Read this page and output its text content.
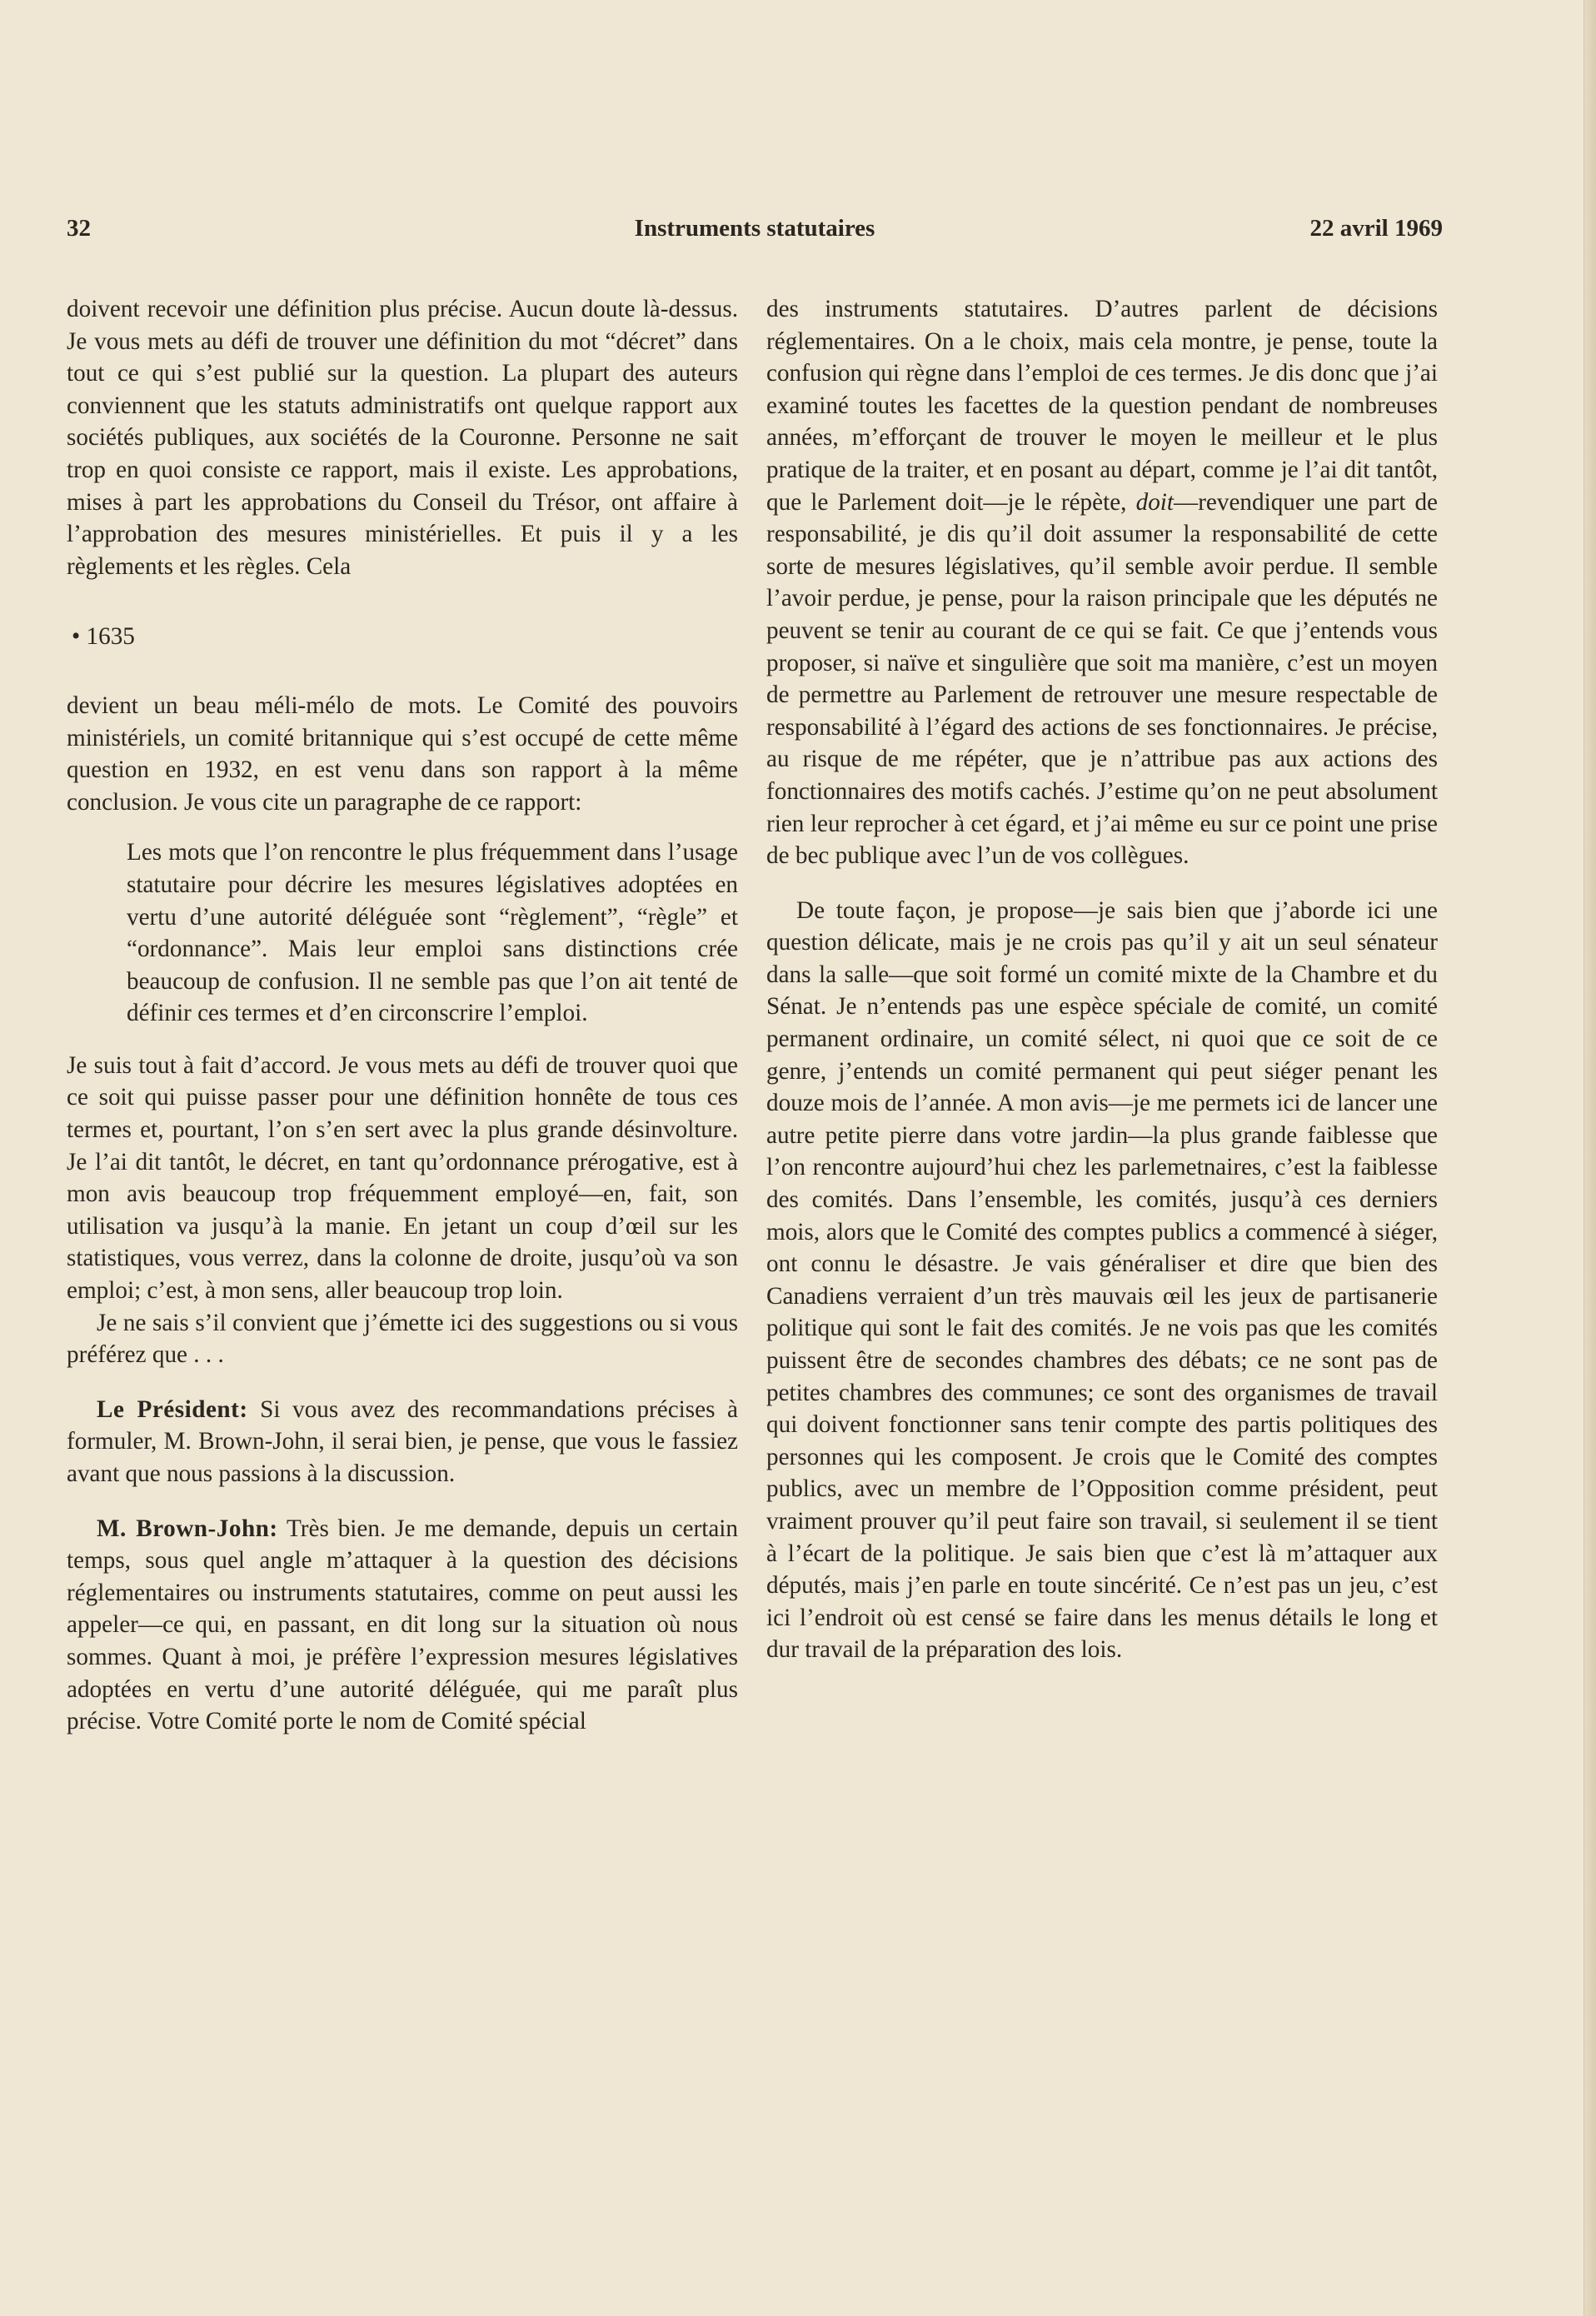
32	Instruments statutaires	22 avril 1969

doivent recevoir une définition plus précise. Aucun doute là-dessus. Je vous mets au défi de trouver une définition du mot “décret” dans tout ce qui s’est publié sur la question. La plupart des auteurs conviennent que les statuts administratifs ont quelque rapport aux sociétés publiques, aux sociétés de la Couronne. Personne ne sait trop en quoi consiste ce rapport, mais il existe. Les approbations, mises à part les approbations du Conseil du Trésor, ont affaire à l’approbation des mesures ministérielles. Et puis il y a les règlements et les règles. Cela

• 1635

devient un beau méli-mélo de mots. Le Comité des pouvoirs ministériels, un comité britannique qui s’est occupé de cette même question en 1932, en est venu dans son rapport à la même conclusion. Je vous cite un paragraphe de ce rapport:

Les mots que l’on rencontre le plus fréquemment dans l’usage statutaire pour décrire les mesures législatives adoptées en vertu d’une autorité déléguée sont “règlement”, “règle” et “ordonnance”. Mais leur emploi sans distinctions crée beaucoup de confusion. Il ne semble pas que l’on ait tenté de définir ces termes et d’en circonscrire l’emploi.

Je suis tout à fait d’accord. Je vous mets au défi de trouver quoi que ce soit qui puisse passer pour une définition honnête de tous ces termes et, pourtant, l’on s’en sert avec la plus grande désinvolture. Je l’ai dit tantôt, le décret, en tant qu’ordonnance prérogative, est à mon avis beaucoup trop fréquemment employé—en, fait, son utilisation va jusqu’à la manie. En jetant un coup d’œil sur les statistiques, vous verrez, dans la colonne de droite, jusqu’où va son emploi; c’est, à mon sens, aller beaucoup trop loin.

Je ne sais s’il convient que j’émette ici des suggestions ou si vous préférez que . . .

Le Président: Si vous avez des recommandations précises à formuler, M. Brown-John, il serai bien, je pense, que vous le fassiez avant que nous passions à la discussion.

M. Brown-John: Très bien. Je me demande, depuis un certain temps, sous quel angle m’attaquer à la question des décisions réglementaires ou instruments statutaires, comme on peut aussi les appeler—ce qui, en passant, en dit long sur la situation où nous sommes. Quant à moi, je préfère l’expression mesures législatives adoptées en vertu d’une autorité déléguée, qui me paraît plus précise. Votre Comité porte le nom de Comité spécial

des instruments statutaires. D’autres parlent de décisions réglementaires. On a le choix, mais cela montre, je pense, toute la confusion qui règne dans l’emploi de ces termes. Je dis donc que j’ai examiné toutes les facettes de la question pendant de nombreuses années, m’efforçant de trouver le moyen le meilleur et le plus pratique de la traiter, et en posant au départ, comme je l’ai dit tantôt, que le Parlement doit—je le répète, doit—revendiquer une part de responsabilité, je dis qu’il doit assumer la responsabilité de cette sorte de mesures législatives, qu’il semble avoir perdue. Il semble l’avoir perdue, je pense, pour la raison principale que les députés ne peuvent se tenir au courant de ce qui se fait. Ce que j’entends vous proposer, si naïve et singulière que soit ma manière, c’est un moyen de permettre au Parlement de retrouver une mesure respectable de responsabilité à l’égard des actions de ses fonctionnaires. Je précise, au risque de me répéter, que je n’attribue pas aux actions des fonctionnaires des motifs cachés. J’estime qu’on ne peut absolument rien leur reprocher à cet égard, et j’ai même eu sur ce point une prise de bec publique avec l’un de vos collègues.

De toute façon, je propose—je sais bien que j’aborde ici une question délicate, mais je ne crois pas qu’il y ait un seul sénateur dans la salle—que soit formé un comité mixte de la Chambre et du Sénat. Je n’entends pas une espèce spéciale de comité, un comité permanent ordinaire, un comité sélect, ni quoi que ce soit de ce genre, j’entends un comité permanent qui peut siéger penant les douze mois de l’année. A mon avis—je me permets ici de lancer une autre petite pierre dans votre jardin—la plus grande faiblesse que l’on rencontre aujourd’hui chez les parlemetnaires, c’est la faiblesse des comités. Dans l’ensemble, les comités, jusqu’à ces derniers mois, alors que le Comité des comptes publics a commencé à siéger, ont connu le désastre. Je vais généraliser et dire que bien des Canadiens verraient d’un très mauvais œil les jeux de partisanerie politique qui sont le fait des comités. Je ne vois pas que les comités puissent être de secondes chambres des débats; ce ne sont pas de petites chambres des communes; ce sont des organismes de travail qui doivent fonctionner sans tenir compte des partis politiques des personnes qui les composent. Je crois que le Comité des comptes publics, avec un membre de l’Opposition comme président, peut vraiment prouver qu’il peut faire son travail, si seulement il se tient à l’écart de la politique. Je sais bien que c’est là m’attaquer aux députés, mais j’en parle en toute sincérité. Ce n’est pas un jeu, c’est ici l’endroit où est censé se faire dans les menus détails le long et dur travail de la préparation des lois.
